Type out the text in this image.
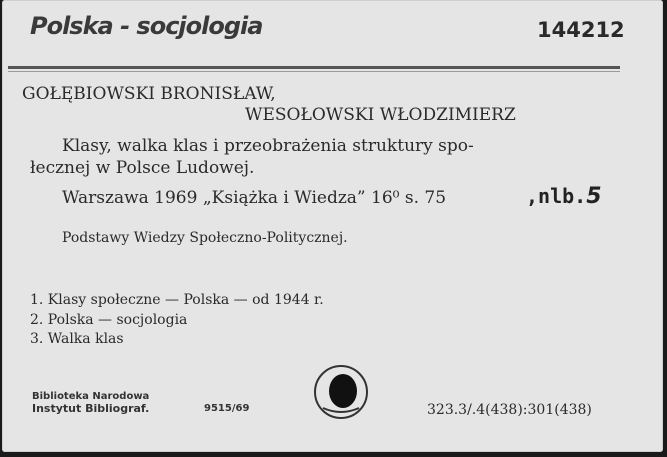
Polska - socjologia	144212
GOŁĘBIOWSKI BRONISŁAW,
WESOŁOWSKI WŁODZIMIERZ
Klasy, walka klas i przeobrażenia struktury spo-
łecznej w Polsce Ludowej.
Warszawa 1969 „Książka i Wiedza” 16⁰ s. 75	,nlb.5
Podstawy Wiedzy Społeczno-Politycznej.
1. Klasy społeczne — Polska — od 1944 r.
2. Polska — socjologia
3. Walka klas
Biblioteka Narodowa
Instytut Bibliograf.	9515/69	323.3/.4(438):301(438)
